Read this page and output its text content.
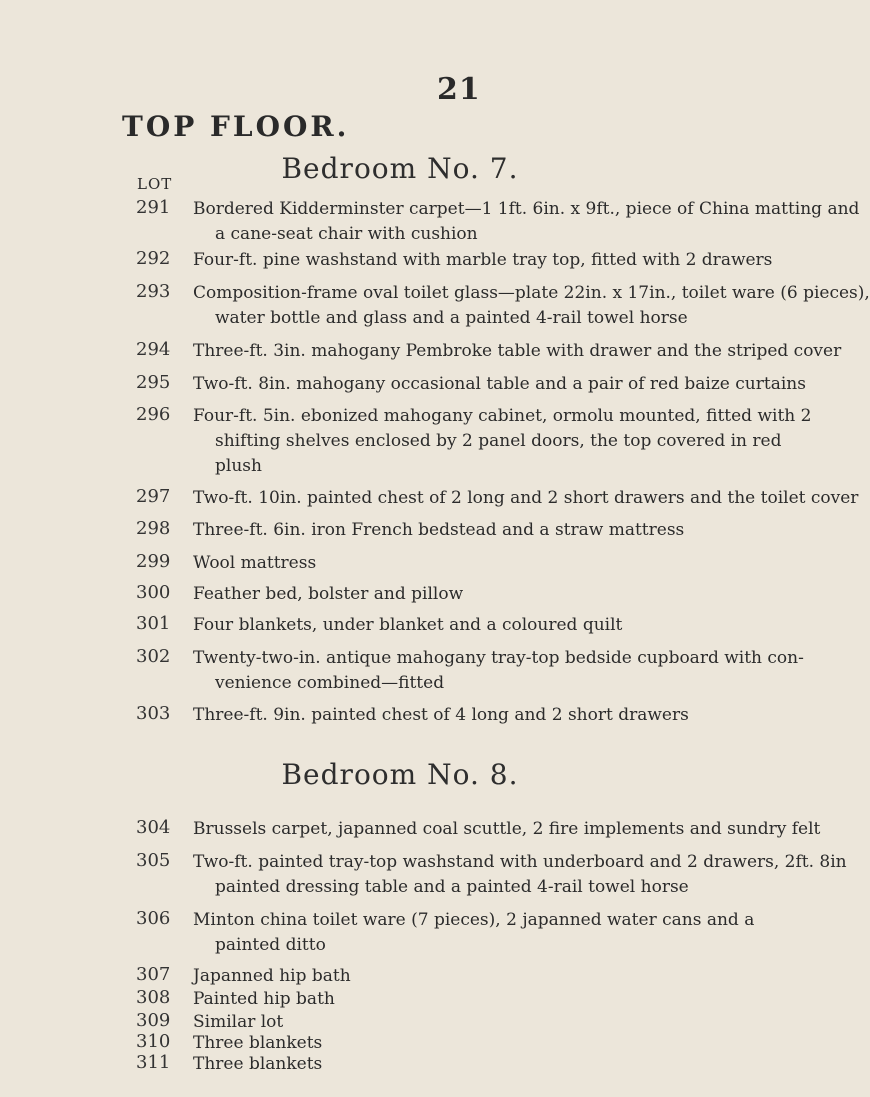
21
TOP FLOOR.
Bedroom No. 7.
LOT
291 Bordered Kidderminster carpet—1 1ft. 6in. x 9ft., piece of China matting and
a cane-seat chair with cushion
292 Four-ft. pine washstand with marble tray top, fitted with 2 drawers
293 Composition-frame oval toilet glass—plate 22in. x 17in., toilet ware (6 pieces),
water bottle and glass and a painted 4-rail towel horse
294 Three-ft. 3in. mahogany Pembroke table with drawer and the striped cover
295 Two-ft. 8in. mahogany occasional table and a pair of red baize curtains
296 Four-ft. 5in. ebonized mahogany cabinet, ormolu mounted, fitted with 2
shifting shelves enclosed by 2 panel doors, the top covered in red
plush
297 Two-ft. 10in. painted chest of 2 long and 2 short drawers and the toilet cover
298 Three-ft. 6in. iron French bedstead and a straw mattress
299 Wool mattress
300 Feather bed, bolster and pillow
301 Four blankets, under blanket and a coloured quilt
302 Twenty-two-in. antique mahogany tray-top bedside cupboard with con-
venience combined—fitted
303 Three-ft. 9in. painted chest of 4 long and 2 short drawers
Bedroom No. 8.
304 Brussels carpet, japanned coal scuttle, 2 fire implements and sundry felt
305 Two-ft. painted tray-top washstand with underboard and 2 drawers, 2ft. 8in
painted dressing table and a painted 4-rail towel horse
306 Minton china toilet ware (7 pieces), 2 japanned water cans and a
painted ditto
307 Japanned hip bath
308 Painted hip bath
309 Similar lot
310 Three blankets
311 Three blankets
